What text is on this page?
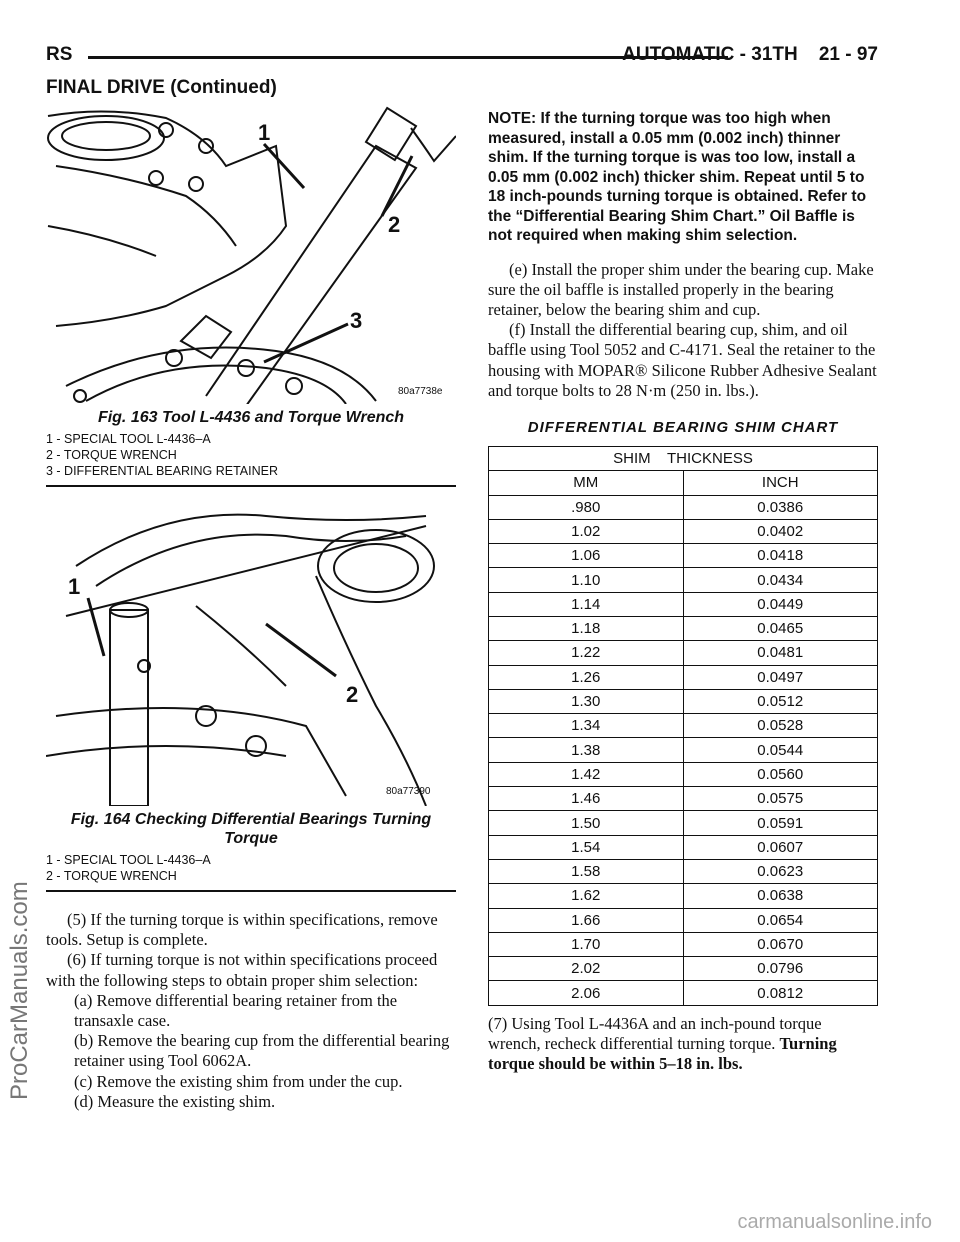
RS	AUTOMATIC - 31TH    21 - 97
FINAL DRIVE (Continued)
1
2
3
80a7738e
Fig. 163 Tool L-4436 and Torque Wrench
1 - SPECIAL TOOL L-4436–A
2 - TORQUE WRENCH
3 - DIFFERENTIAL BEARING RETAINER
1
2
80a77390
Fig. 164 Checking Differential Bearings Turning
Torque
1 - SPECIAL TOOL L-4436–A
2 - TORQUE WRENCH

(5) If the turning torque is within specifications, remove tools. Setup is complete.

(6) If turning torque is not within specifications proceed with the following steps to obtain proper shim selection:

(a) Remove differential bearing retainer from the transaxle case.

(b) Remove the bearing cup from the differential bearing retainer using Tool 6062A.

(c) Remove the existing shim from under the cup.

(d) Measure the existing shim.

NOTE: If the turning torque was too high when measured, install a 0.05 mm (0.002 inch) thinner shim. If the turning torque is was too low, install a 0.05 mm (0.002 inch) thicker shim. Repeat until 5 to 18 inch-pounds turning torque is obtained. Refer to the “Differential Bearing Shim Chart.” Oil Baffle is not required when making shim selection.

(e) Install the proper shim under the bearing cup. Make sure the oil baffle is installed properly in the bearing retainer, below the bearing shim and cup.

(f) Install the differential bearing cup, shim, and oil baffle using Tool 5052 and C-4171. Seal the retainer to the housing with MOPAR® Silicone Rubber Adhesive Sealant and torque bolts to 28 N·m (250 in. lbs.).

DIFFERENTIAL BEARING SHIM CHART
SHIM    THICKNESS	
MM	INCH
.980	0.0386
1.02	0.0402
1.06	0.0418
1.10	0.0434
1.14	0.0449
1.18	0.0465
1.22	0.0481
1.26	0.0497
1.30	0.0512
1.34	0.0528
1.38	0.0544
1.42	0.0560
1.46	0.0575
1.50	0.0591
1.54	0.0607
1.58	0.0623
1.62	0.0638
1.66	0.0654
1.70	0.0670
2.02	0.0796
2.06	0.0812

(7) Using Tool L-4436A and an inch-pound torque wrench, recheck differential turning torque. Turning torque should be within 5–18 in. lbs.

ProCarManuals.com
carmanualsonline.info
